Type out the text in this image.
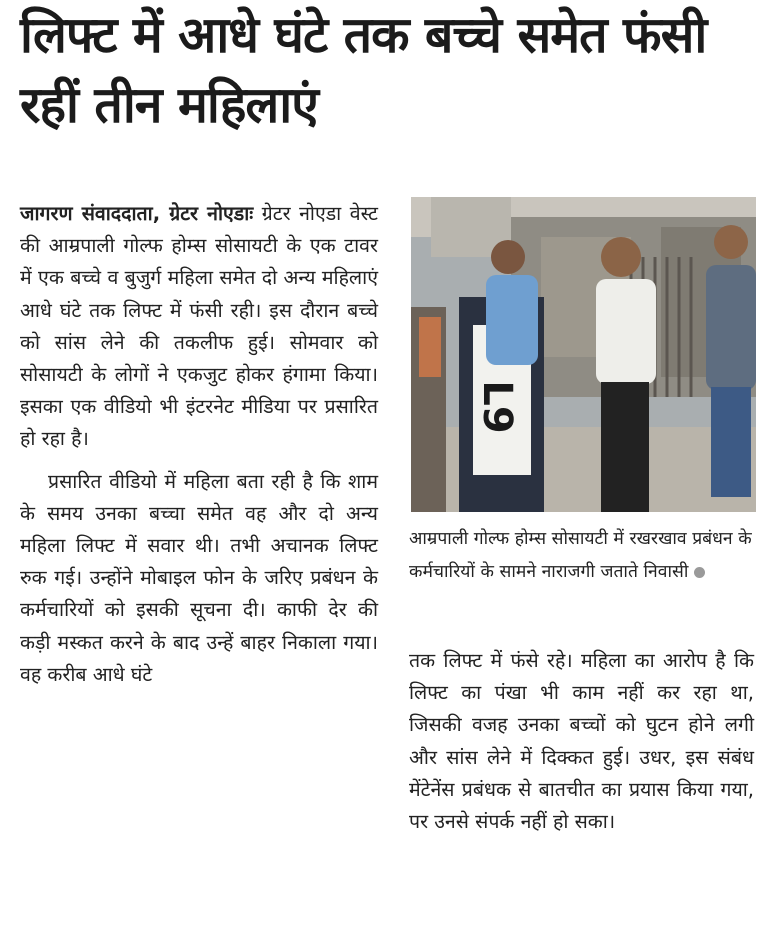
लिफ्ट में आधे घंटे तक बच्चे समेत फंसी रहीं तीन महिलाएं

जागरण संवाददाता, ग्रेटर नोएडाः ग्रेटर नोएडा वेस्ट की आम्रपाली गोल्फ होम्स सोसायटी के एक टावर में एक बच्चे व बुजुर्ग महिला समेत दो अन्य महिलाएं आधे घंटे तक लिफ्ट में फंसी रही। इस दौरान बच्चे को सांस लेने की तकलीफ हुई। सोमवार को सोसायटी के लोगों ने एकजुट होकर हंगामा किया। इसका एक वीडियो भी इंटरनेट मीडिया पर प्रसारित हो रहा है।

प्रसारित वीडियो में महिला बता रही है कि शाम के समय उनका बच्चा समेत वह और दो अन्य महिला लिफ्ट में सवार थी। तभी अचानक लिफ्ट रुक गई। उन्होंने मोबाइल फोन के जरिए प्रबंधन के कर्मचारियों को इसकी सूचना दी। काफी देर की कड़ी मस्कत करने के बाद उन्हें बाहर निकाला गया। वह करीब आधे घंटे

L9

आम्रपाली गोल्फ होम्स सोसायटी में रखरखाव प्रबंधन के कर्मचारियों के सामने नाराजगी जताते निवासी

तक लिफ्ट में फंसे रहे। महिला का आरोप है कि लिफ्ट का पंखा भी काम नहीं कर रहा था, जिसकी वजह उनका बच्चों को घुटन होने लगी और सांस लेने में दिक्कत हुई। उधर, इस संबंध मेंटेनेंस प्रबंधक से बातचीत का प्रयास किया गया, पर उनसे संपर्क नहीं हो सका।
